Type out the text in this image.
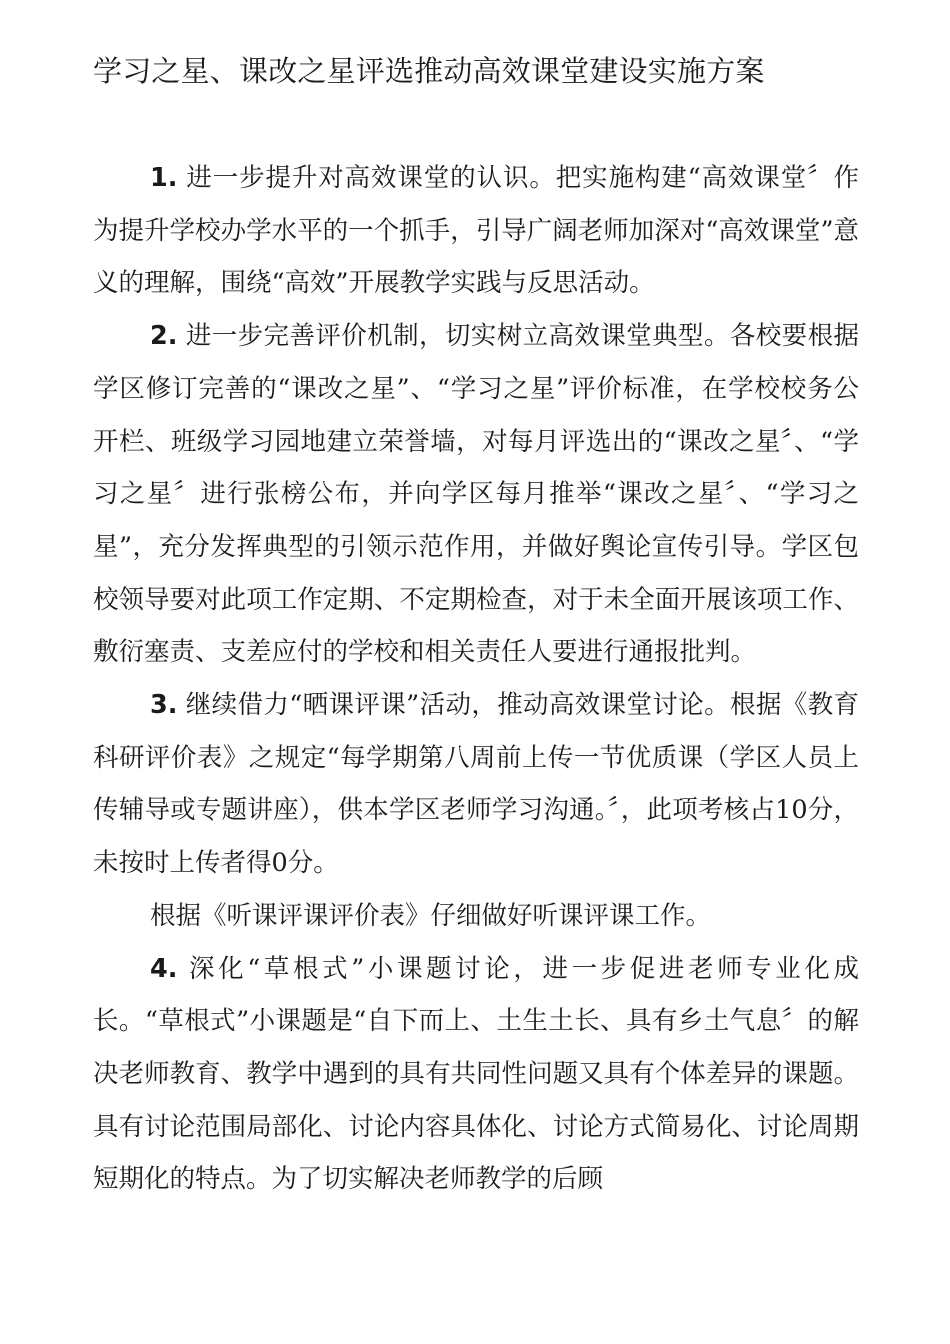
学习之星、课改之星评选推动高效课堂建设实施方案

1. 进一步提升对高效课堂的认识。把实施构建“高效课堂〞作为提升学校办学水平的一个抓手，引导广阔老师加深对“高效课堂”意义的理解，围绕“高效”开展教学实践与反思活动。

2. 进一步完善评价机制，切实树立高效课堂典型。各校要根据学区修订完善的“课改之星”、“学习之星”评价标准，在学校校务公开栏、班级学习园地建立荣誉墙，对每月评选出的“课改之星〞、“学习之星〞进行张榜公布，并向学区每月推举“课改之星〞、“学习之星”，充分发挥典型的引领示范作用，并做好舆论宣传引导。学区包校领导要对此项工作定期、不定期检查，对于未全面开展该项工作、敷衍塞责、支差应付的学校和相关责任人要进行通报批判。

3. 继续借力“晒课评课”活动，推动高效课堂讨论。根据《教育科研评价表》之规定“每学期第八周前上传一节优质课（学区人员上传辅导或专题讲座），供本学区老师学习沟通。〞，此项考核占10分，未按时上传者得0分。

根据《听课评课评价表》仔细做好听课评课工作。

4. 深化“草根式”小课题讨论，进一步促进老师专业化成长。“草根式”小课题是“自下而上、土生土长、具有乡土气息〞的解决老师教育、教学中遇到的具有共同性问题又具有个体差异的课题。具有讨论范围局部化、讨论内容具体化、讨论方式简易化、讨论周期短期化的特点。为了切实解决老师教学的后顾
